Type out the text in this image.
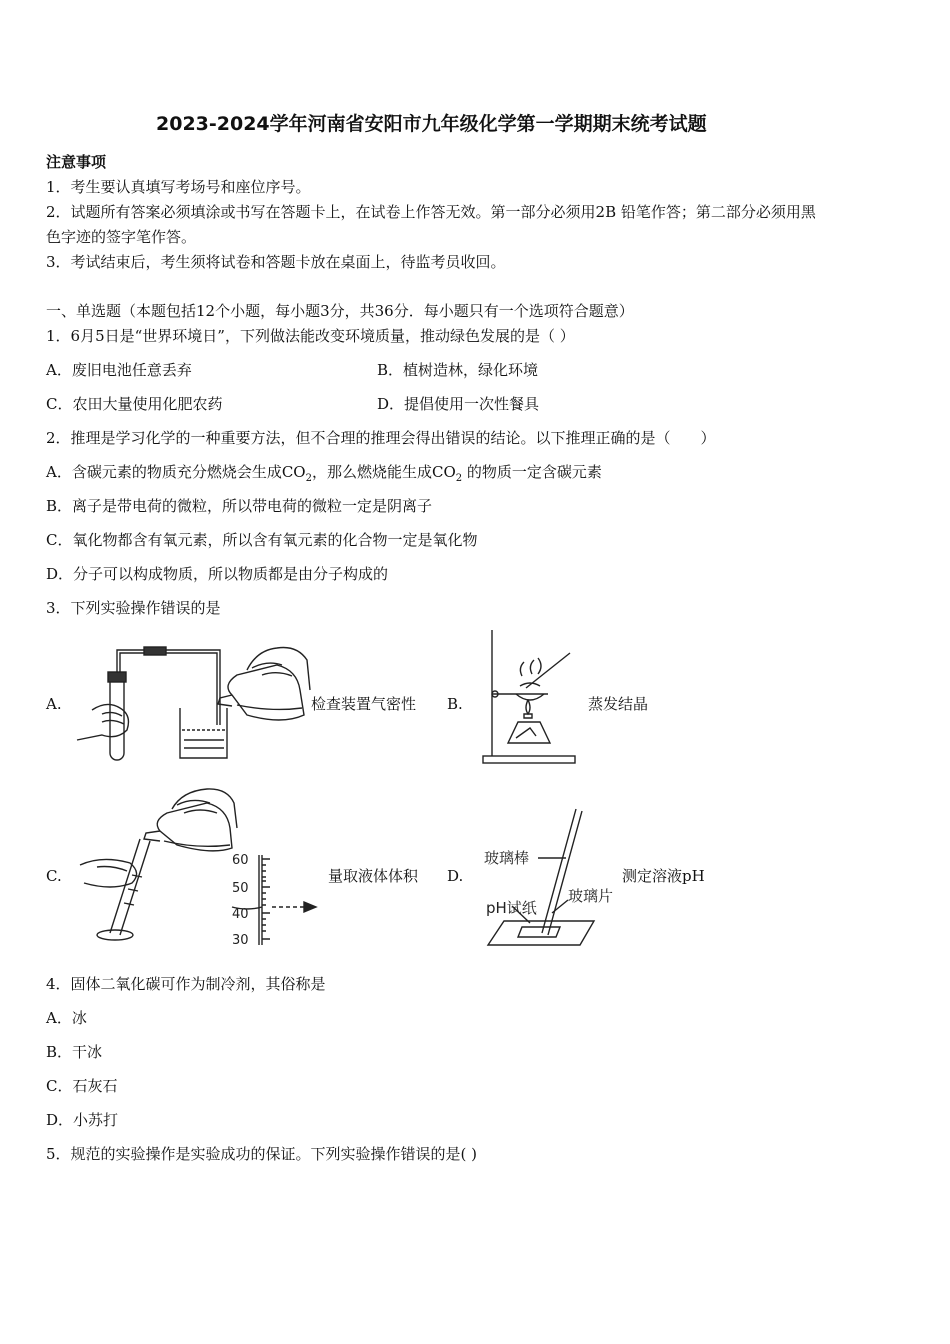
2023-2024学年河南省安阳市九年级化学第一学期期末统考试题
注意事项
1．考生要认真填写考场号和座位序号。
2．试题所有答案必须填涂或书写在答题卡上，在试卷上作答无效。第一部分必须用2B 铅笔作答；第二部分必须用黑
色字迹的签字笔作答。
3．考试结束后，考生须将试卷和答题卡放在桌面上，待监考员收回。
一、单选题（本题包括12个小题，每小题3分，共36分．每小题只有一个选项符合题意）
1．6月5日是“世界环境日”，下列做法能改变环境质量，推动绿色发展的是（ ）
A．废旧电池任意丢弃	B．植树造林，绿化环境
C．农田大量使用化肥农药	D．提倡使用一次性餐具
2．推理是学习化学的一种重要方法，但不合理的推理会得出错误的结论。以下推理正确的是（　　）
A．含碳元素的物质充分燃烧会生成$CO_2$，那么燃烧能生成$CO_2$ 的物质一定含碳元素
B．离子是带电荷的微粒，所以带电荷的微粒一定是阴离子
C．氧化物都含有氧元素，所以含有氧元素的化合物一定是氧化物
D．分子可以构成物质，所以物质都是由分子构成的
3．下列实验操作错误的是
A.	检查装置气密性 B.	蒸发结晶
C.
60
50
40
30
量取液体体积 D.
玻璃棒
pH试纸
玻璃片
测定溶液pH
4．固体二氧化碳可作为制冷剂，其俗称是
A．冰
B．干冰
C．石灰石
D．小苏打
5．规范的实验操作是实验成功的保证。下列实验操作错误的是( )
